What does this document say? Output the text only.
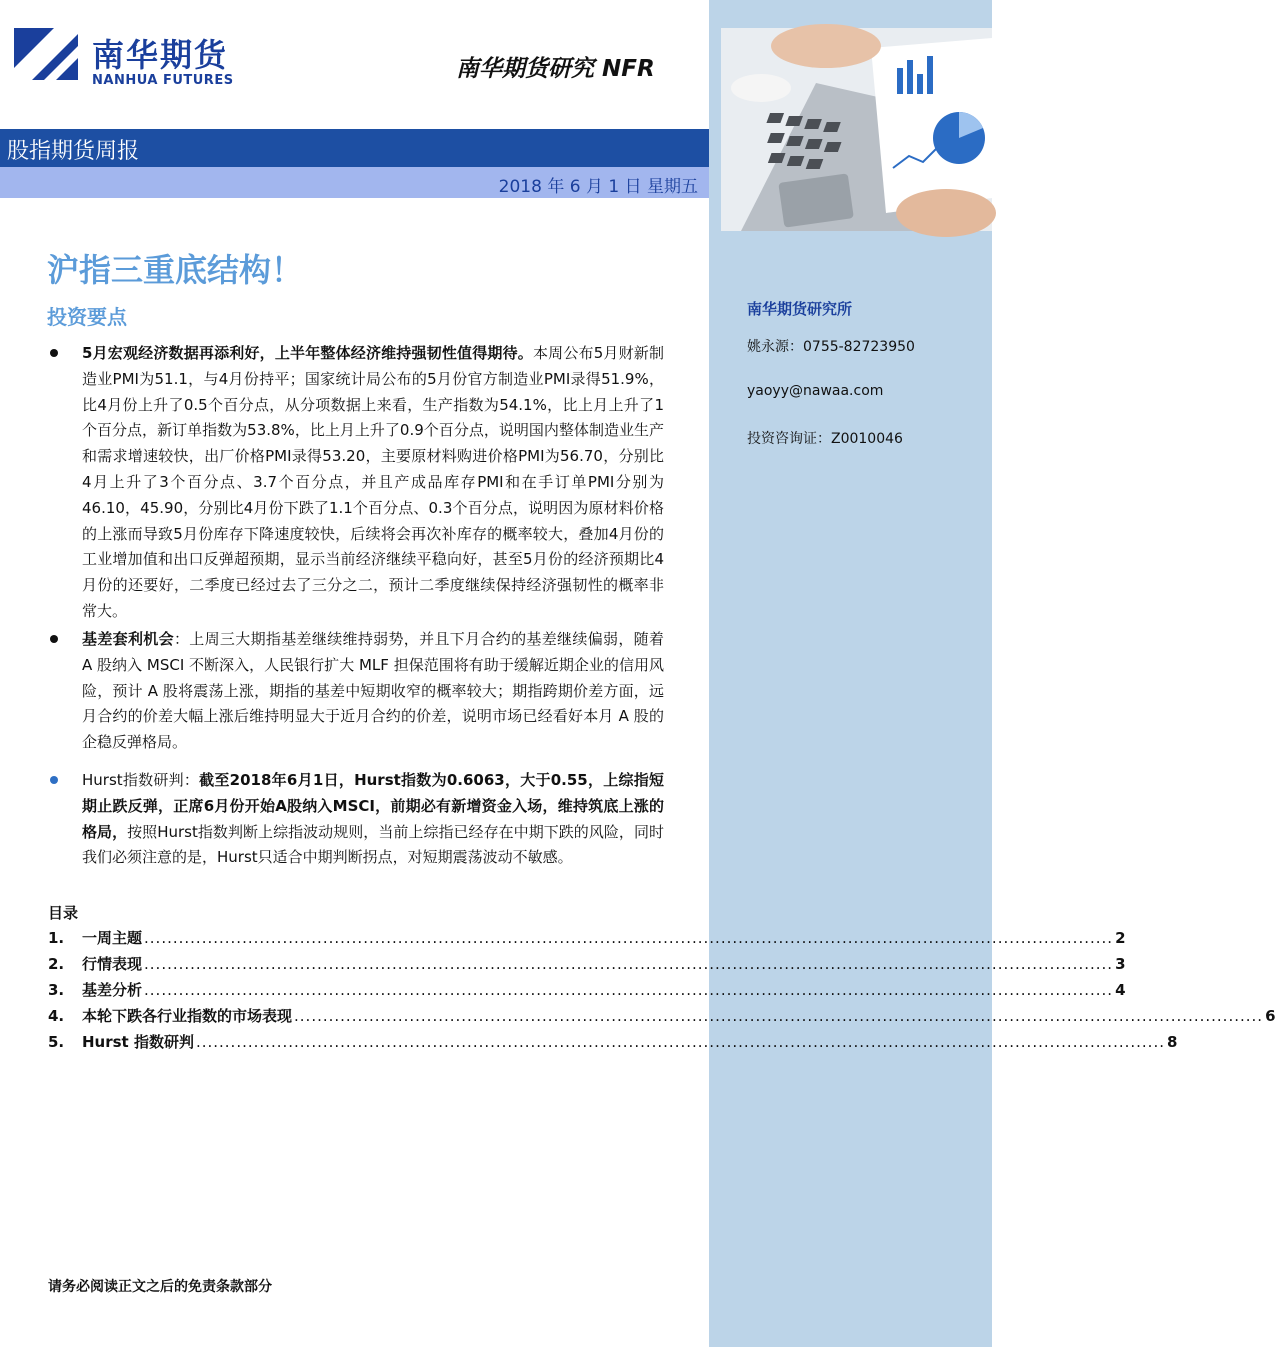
南华期货
NANHUA FUTURES	南华期货研究 NFR
股指期货周报
2018 年 6 月 1 日 星期五
沪指三重底结构！
投资要点
5月宏观经济数据再添利好，上半年整体经济维持强韧性值得期待。本周公布5月财新制造业PMI为51.1，与4月份持平；国家统计局公布的5月份官方制造业PMI录得51.9%，比4月份上升了0.5个百分点，从分项数据上来看，生产指数为54.1%，比上月上升了1个百分点，新订单指数为53.8%，比上月上升了0.9个百分点，说明国内整体制造业生产和需求增速较快，出厂价格PMI录得53.20，主要原材料购进价格PMI为56.70，分别比4月上升了3个百分点、3.7个百分点，并且产成品库存PMI和在手订单PMI分别为46.10，45.90，分别比4月份下跌了1.1个百分点、0.3个百分点，说明因为原材料价格的上涨而导致5月份库存下降速度较快，后续将会再次补库存的概率较大，叠加4月份的工业增加值和出口反弹超预期，显示当前经济继续平稳向好，甚至5月份的经济预期比4月份的还要好，二季度已经过去了三分之二，预计二季度继续保持经济强韧性的概率非常大。
基差套利机会：上周三大期指基差继续维持弱势，并且下月合约的基差继续偏弱，随着 A 股纳入 MSCI 不断深入，人民银行扩大 MLF 担保范围将有助于缓解近期企业的信用风险，预计 A 股将震荡上涨，期指的基差中短期收窄的概率较大；期指跨期价差方面，远月合约的价差大幅上涨后维持明显大于近月合约的价差，说明市场已经看好本月 A 股的企稳反弹格局。
Hurst指数研判：截至2018年6月1日，Hurst指数为0.6063，大于0.55，上综指短期止跌反弹，正席6月份开始A股纳入MSCI，前期必有新增资金入场，维持筑底上涨的格局，按照Hurst指数判断上综指波动规则，当前上综指已经存在中期下跌的风险，同时我们必须注意的是，Hurst只适合中期判断拐点，对短期震荡波动不敏感。
南华期货研究所
姚永源：0755-82723950
yaoyy@nawaa.com
投资咨询证：Z0010046
目录
1.	一周主题 ........................................................................................................................................................................ 2
2.	行情表现 ........................................................................................................................................................................ 3
3.	基差分析 ........................................................................................................................................................................ 4
4.	本轮下跌各行业指数的市场表现 ........................................................................................................................................................................ 6
5.	Hurst 指数研判 ........................................................................................................................................................................ 8
请务必阅读正文之后的免责条款部分
